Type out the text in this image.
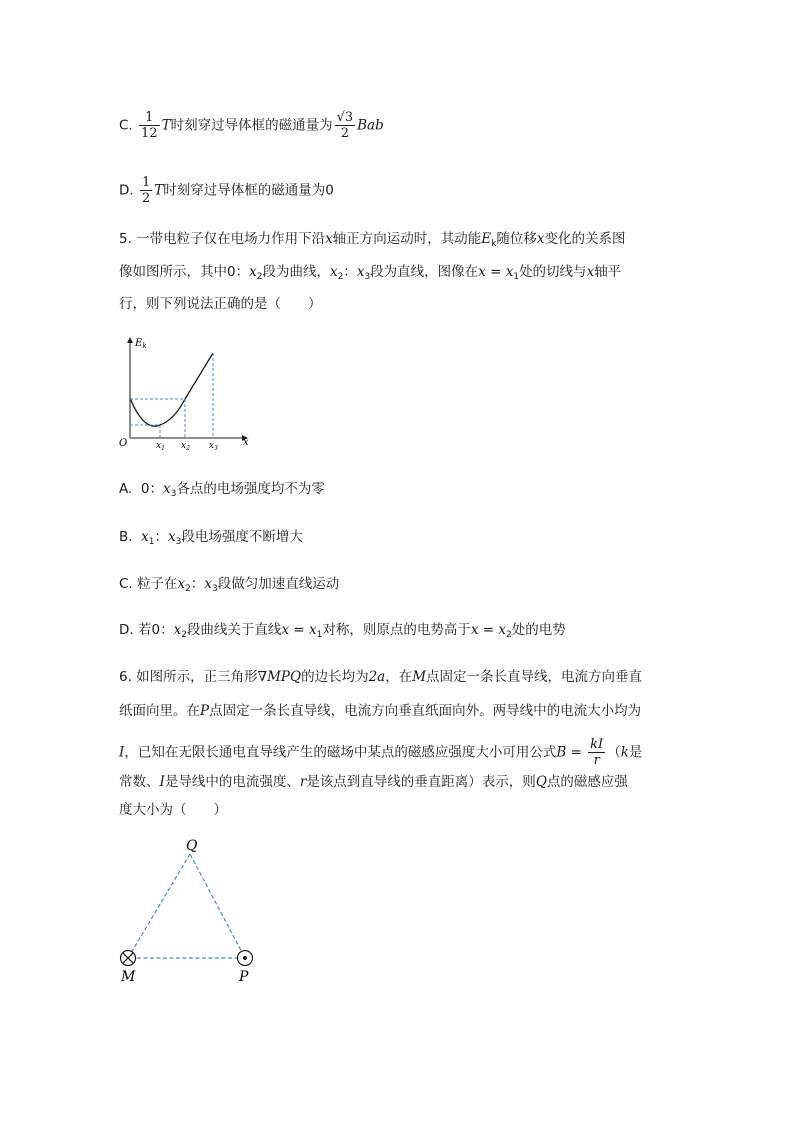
C. $\frac{1}{12}$ T时刻穿过导体框的磁通量为 $\frac{√3}{2}$ Bab
D. $\frac{1}{2}$ T时刻穿过导体框的磁通量为0
5. 一带电粒子仅在电场力作用下沿x轴正方向运动时，其动能$E_k$随位移x变化的关系图
像如图所示，其中0：$x_2$段为曲线，$x_2$：$x_3$段为直线，图像在$x = x_1$处的切线与x轴平
行，则下列说法正确的是（　　）
$E_k$
O	x
$x_1$ $x_2$ $x_3$
A. 0：$x_3$各点的电场强度均不为零
B. $x_1$：$x_3$段电场强度不断增大
C. 粒子在$x_2$：$x_3$段做匀加速直线运动
D. 若0：$x_2$段曲线关于直线$x = x_1$对称，则原点的电势高于$x = x_2$处的电势
6. 如图所示，正三角形∇MPQ的边长均为2a，在M点固定一条长直导线，电流方向垂直
纸面向里。在P点固定一条长直导线，电流方向垂直纸面向外。两导线中的电流大小均为
I，已知在无限长通电直导线产生的磁场中某点的磁感应强度大小可用公式$B = \frac{kI}{r} (k$是
常数、I是导线中的电流强度、r是该点到直导线的垂直距离）表示，则Q点的磁感应强
度大小为（　　）
Q
M	P
